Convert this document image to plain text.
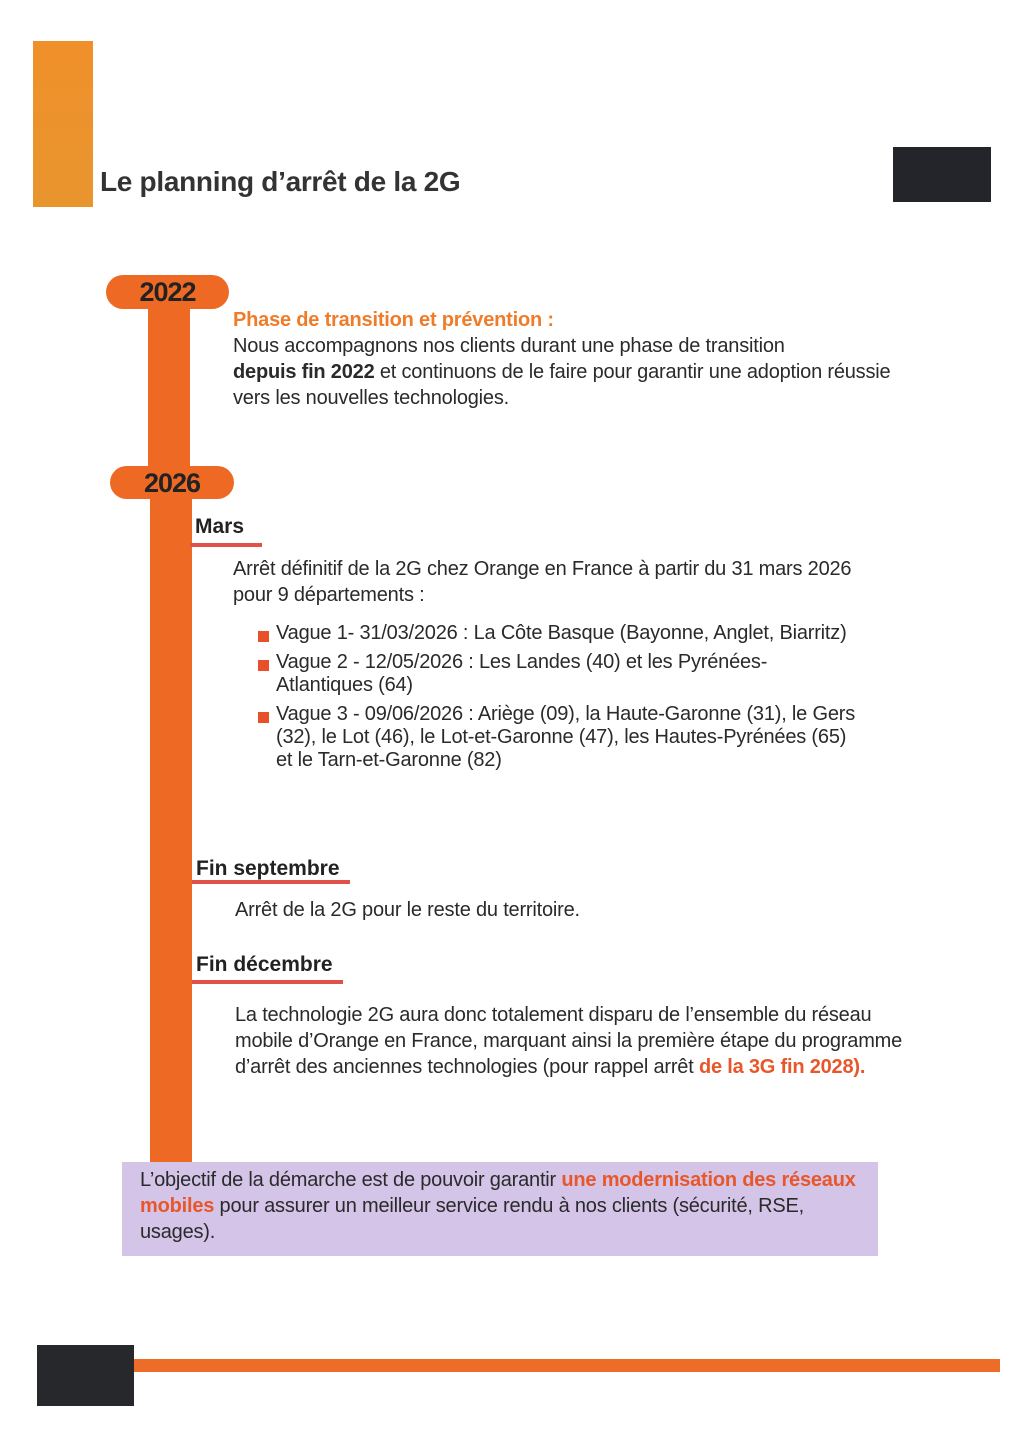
Le planning d’arrêt de la 2G
2022
Phase de transition et prévention :
Nous accompagnons nos clients durant une phase de transition
depuis fin 2022 et continuons de le faire pour garantir une adoption réussie vers les nouvelles technologies.
2026
Mars
Arrêt définitif de la 2G chez Orange en France à partir du 31 mars 2026 pour 9 départements :
Vague 1- 31/03/2026 : La Côte Basque (Bayonne, Anglet, Biarritz)
Vague 2 - 12/05/2026 : Les Landes (40) et les Pyrénées-Atlantiques (64)
Vague 3 - 09/06/2026 : Ariège (09), la Haute-Garonne (31), le Gers (32), le Lot (46), le Lot-et-Garonne (47), les Hautes-Pyrénées (65) et le Tarn-et-Garonne (82)
Fin septembre
Arrêt de la 2G pour le reste du territoire.
Fin décembre
La technologie 2G aura donc totalement disparu de l’ensemble du réseau mobile d’Orange en France, marquant ainsi la première étape du programme d’arrêt des anciennes technologies (pour rappel arrêt de la 3G fin 2028).
L’objectif de la démarche est de pouvoir garantir une modernisation des réseaux mobiles pour assurer un meilleur service rendu à nos clients (sécurité, RSE, usages).
